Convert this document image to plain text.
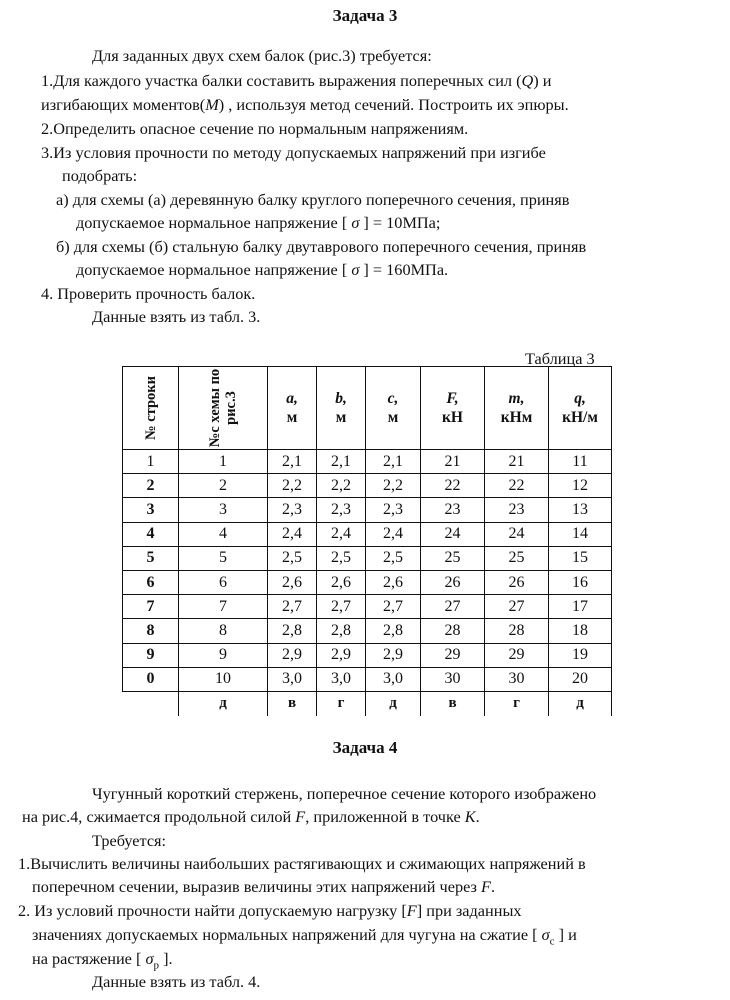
Задача 3
Для заданных двух схем балок (рис.3) требуется:
1.Для каждого участка балки составить выражения поперечных сил (Q) и
изгибающих моментов(M) , используя метод сечений. Построить их эпюры.
2.Определить опасное сечение по нормальным напряжениям.
3.Из условия прочности по методу допускаемых напряжений при изгибе
подобрать:
а) для схемы (а) деревянную балку круглого поперечного сечения, приняв
допускаемое нормальное напряжение [ σ ] = 10МПа;
б) для схемы (б) стальную балку двутаврового поперечного сечения, приняв
допускаемое нормальное напряжение [ σ ] = 160МПа.
4. Проверить прочность балок.
Данные взять из табл. 3.
Таблица 3
№ строки	№с хемы по рис.3	a,
м	b,
м	c,
м	F,
кН	m,
кНм	q,
кН/м
1	1	2,1	2,1	2,1	21	21	11
2	2	2,2	2,2	2,2	22	22	12
3	3	2,3	2,3	2,3	23	23	13
4	4	2,4	2,4	2,4	24	24	14
5	5	2,5	2,5	2,5	25	25	15
6	6	2,6	2,6	2,6	26	26	16
7	7	2,7	2,7	2,7	27	27	17
8	8	2,8	2,8	2,8	28	28	18
9	9	2,9	2,9	2,9	29	29	19
0	10	3,0	3,0	3,0	30	30	20
	д	в	г	д	в	г	д
Задача 4
Чугунный короткий стержень, поперечное сечение которого изображено
на рис.4, сжимается продольной силой F, приложенной в точке K.
Требуется:
1.Вычислить величины наибольших растягивающих и сжимающих напряжений в
поперечном сечении, выразив величины этих напряжений через F.
2. Из условий прочности найти допускаемую нагрузку [F] при заданных
значениях допускаемых нормальных напряжений для чугуна на сжатие [ $\sigma_с$ ] и
на растяжение [ $\sigma_р$ ].
Данные взять из табл. 4.
